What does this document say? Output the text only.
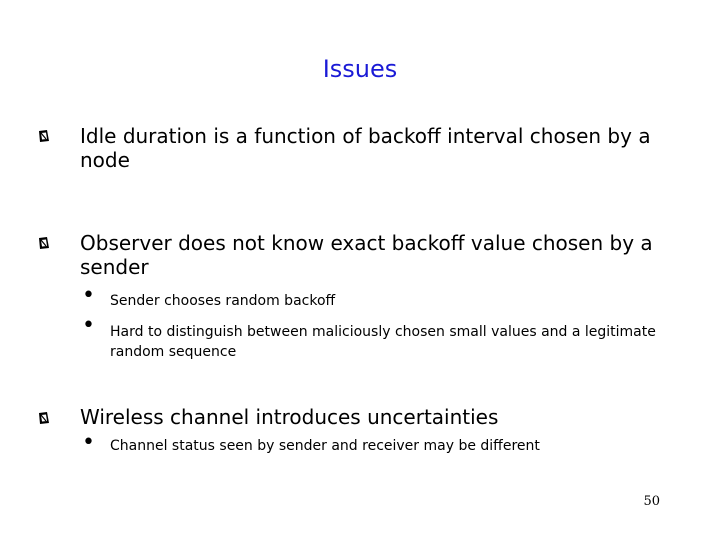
Issues
Idle duration is a function of backoff interval chosen by a node
Observer does not know exact backoff value chosen by a sender
• Sender chooses random backoff
• Hard to distinguish between maliciously chosen small values and a legitimate random sequence
Wireless channel introduces uncertainties
• Channel status seen by sender and receiver may be different
50
